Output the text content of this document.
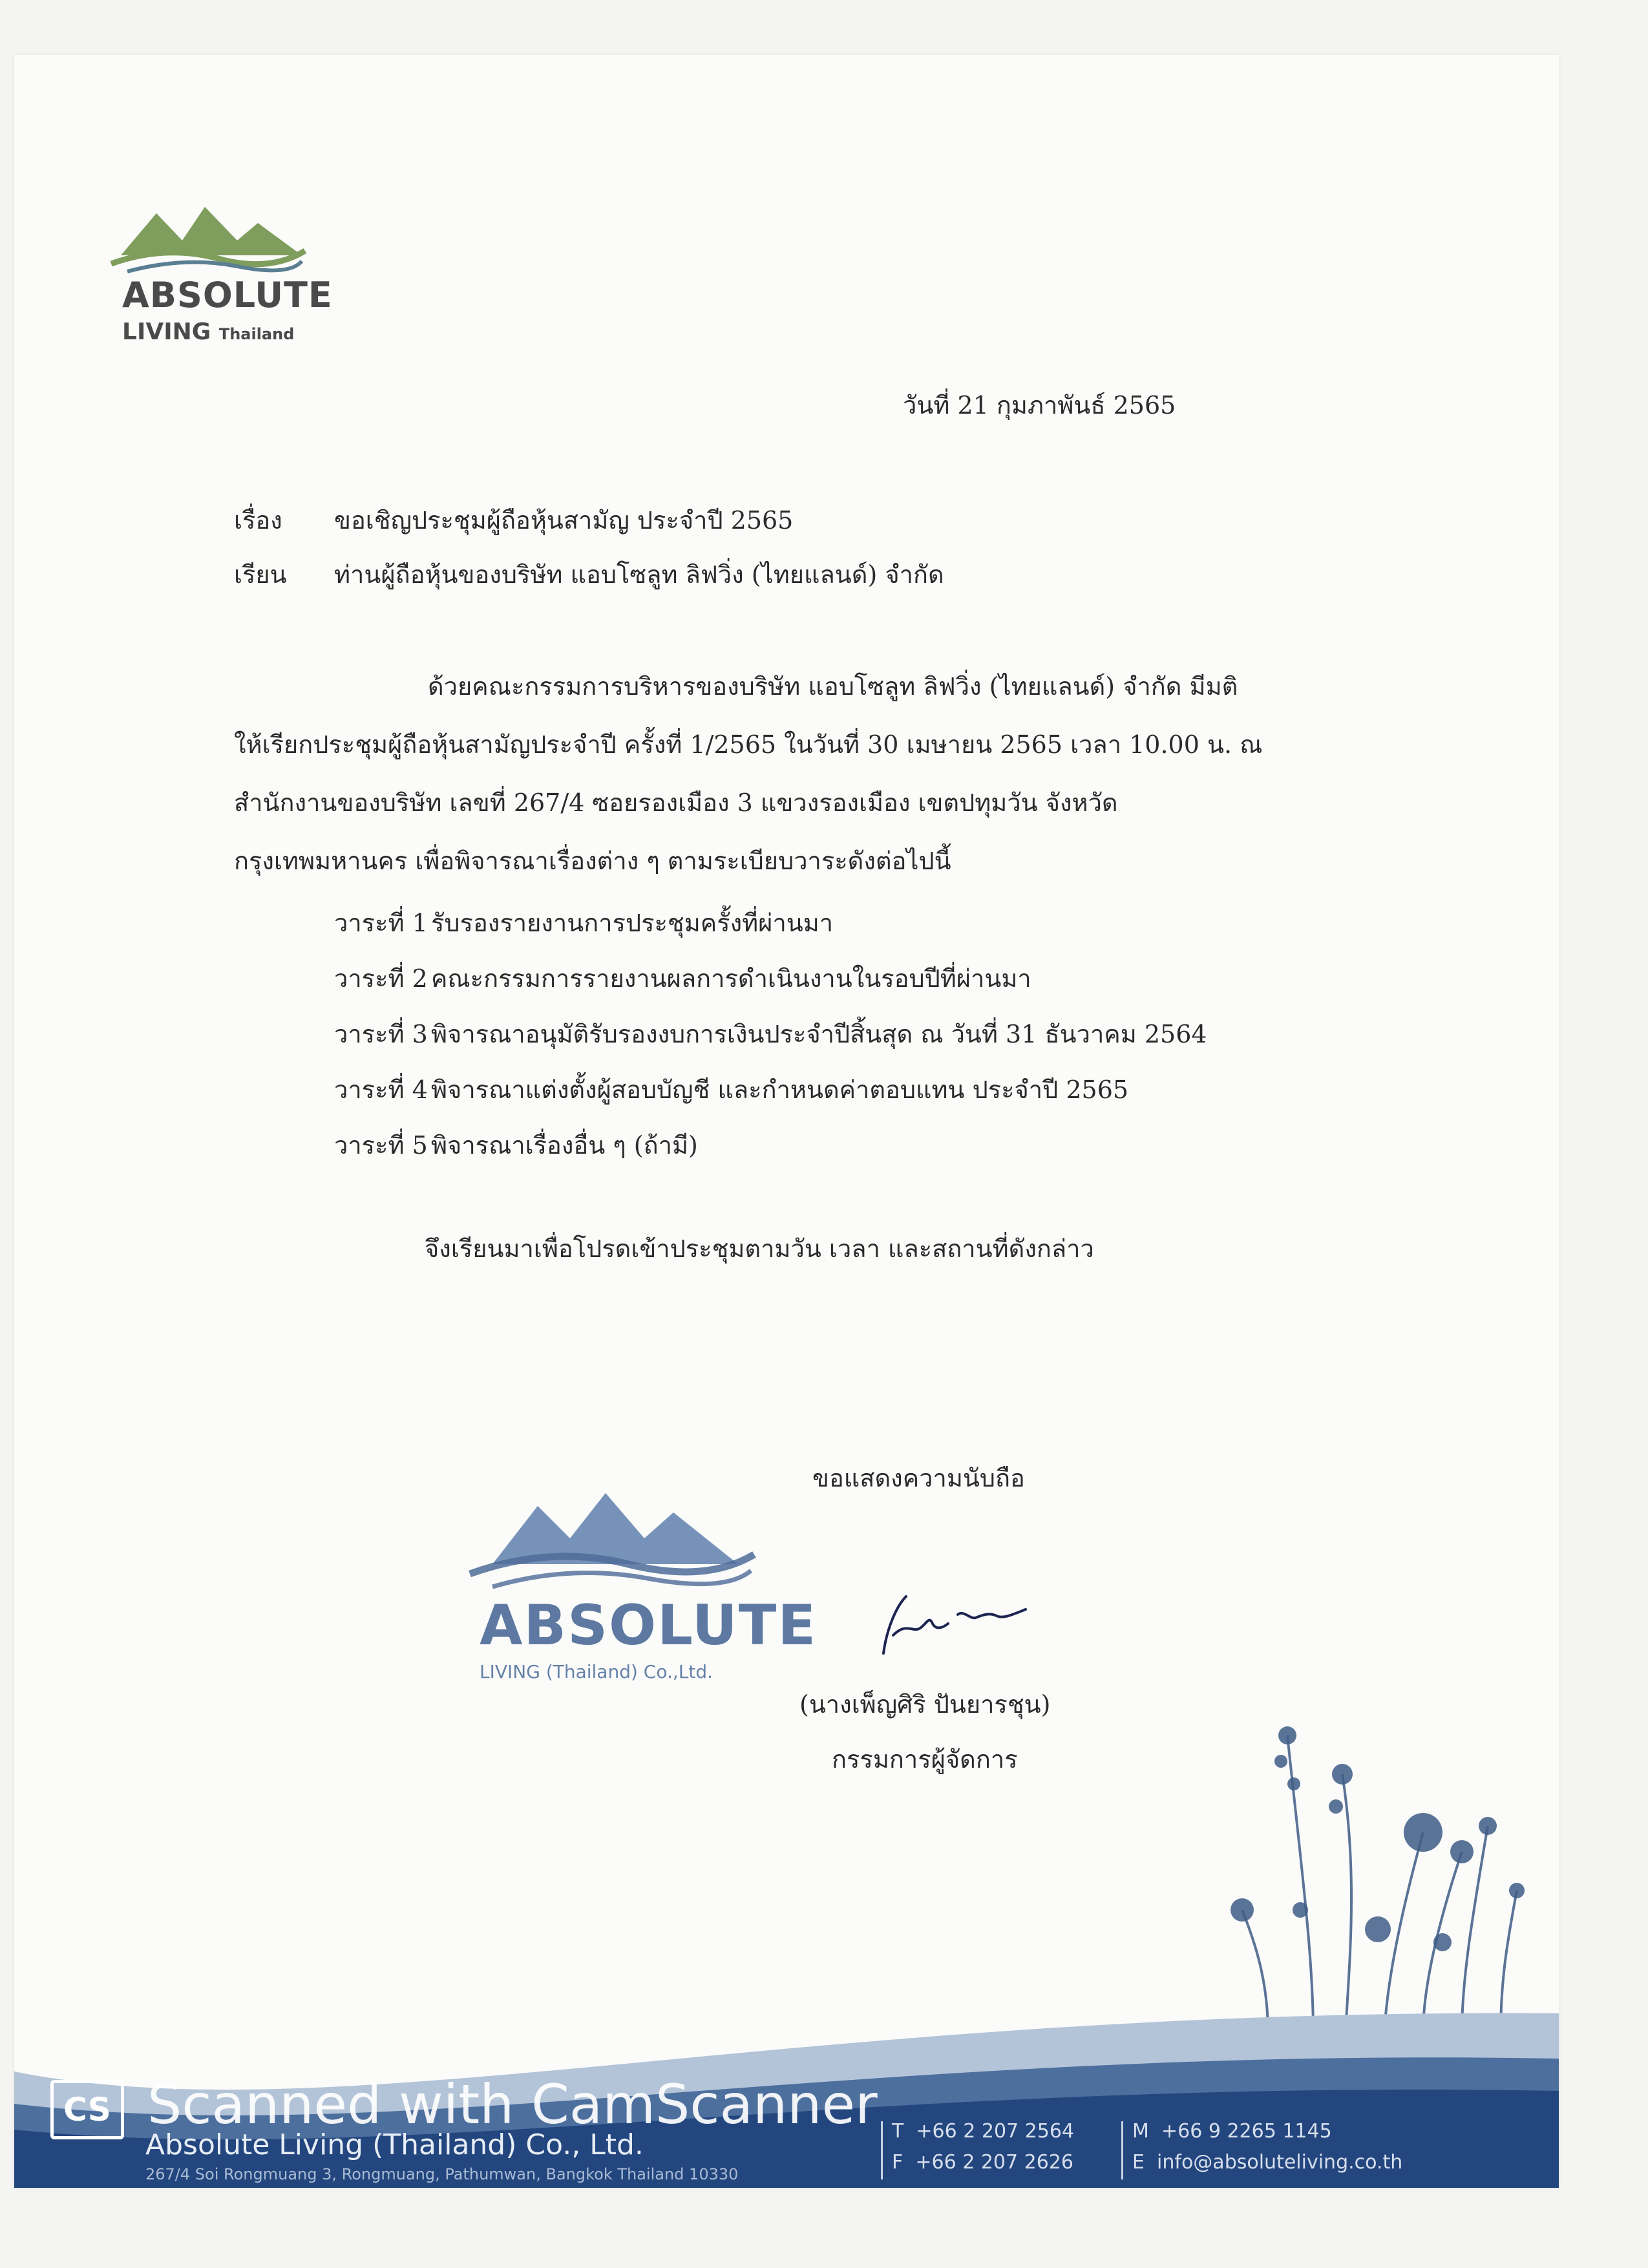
ABSOLUTE
LIVING Thailand
วันที่ 21 กุมภาพันธ์ 2565
เรื่อง ขอเชิญประชุมผู้ถือหุ้นสามัญ ประจำปี 2565
เรียน ท่านผู้ถือหุ้นของบริษัท แอบโซลูท ลิฟวิ่ง (ไทยแลนด์) จำกัด
ด้วยคณะกรรมการบริหารของบริษัท แอบโซลูท ลิฟวิ่ง (ไทยแลนด์) จำกัด มีมติ
ให้เรียกประชุมผู้ถือหุ้นสามัญประจำปี ครั้งที่ 1/2565 ในวันที่ 30 เมษายน 2565 เวลา 10.00 น. ณ
สำนักงานของบริษัท เลขที่ 267/4 ซอยรองเมือง 3 แขวงรองเมือง เขตปทุมวัน จังหวัด
กรุงเทพมหานคร เพื่อพิจารณาเรื่องต่าง ๆ ตามระเบียบวาระดังต่อไปนี้
วาระที่ 1 รับรองรายงานการประชุมครั้งที่ผ่านมา
วาระที่ 2 คณะกรรมการรายงานผลการดำเนินงานในรอบปีที่ผ่านมา
วาระที่ 3 พิจารณาอนุมัติรับรองงบการเงินประจำปีสิ้นสุด ณ วันที่ 31 ธันวาคม 2564
วาระที่ 4 พิจารณาแต่งตั้งผู้สอบบัญชี และกำหนดค่าตอบแทน ประจำปี 2565
วาระที่ 5 พิจารณาเรื่องอื่น ๆ (ถ้ามี)
จึงเรียนมาเพื่อโปรดเข้าประชุมตามวัน เวลา และสถานที่ดังกล่าว
ขอแสดงความนับถือ
ABSOLUTE
LIVING (Thailand) Co.,Ltd.
(นางเพ็ญศิริ ปันยารชุน)
กรรมการผู้จัดการ
CS Scanned with CamScanner
Absolute Living (Thailand) Co., Ltd.
267/4 Soi Rongmuang 3, Rongmuang, Pathumwan, Bangkok Thailand 10330
T +66 2 207 2564
F +66 2 207 2626
M +66 9 2265 1145
E info@absoluteliving.co.th
